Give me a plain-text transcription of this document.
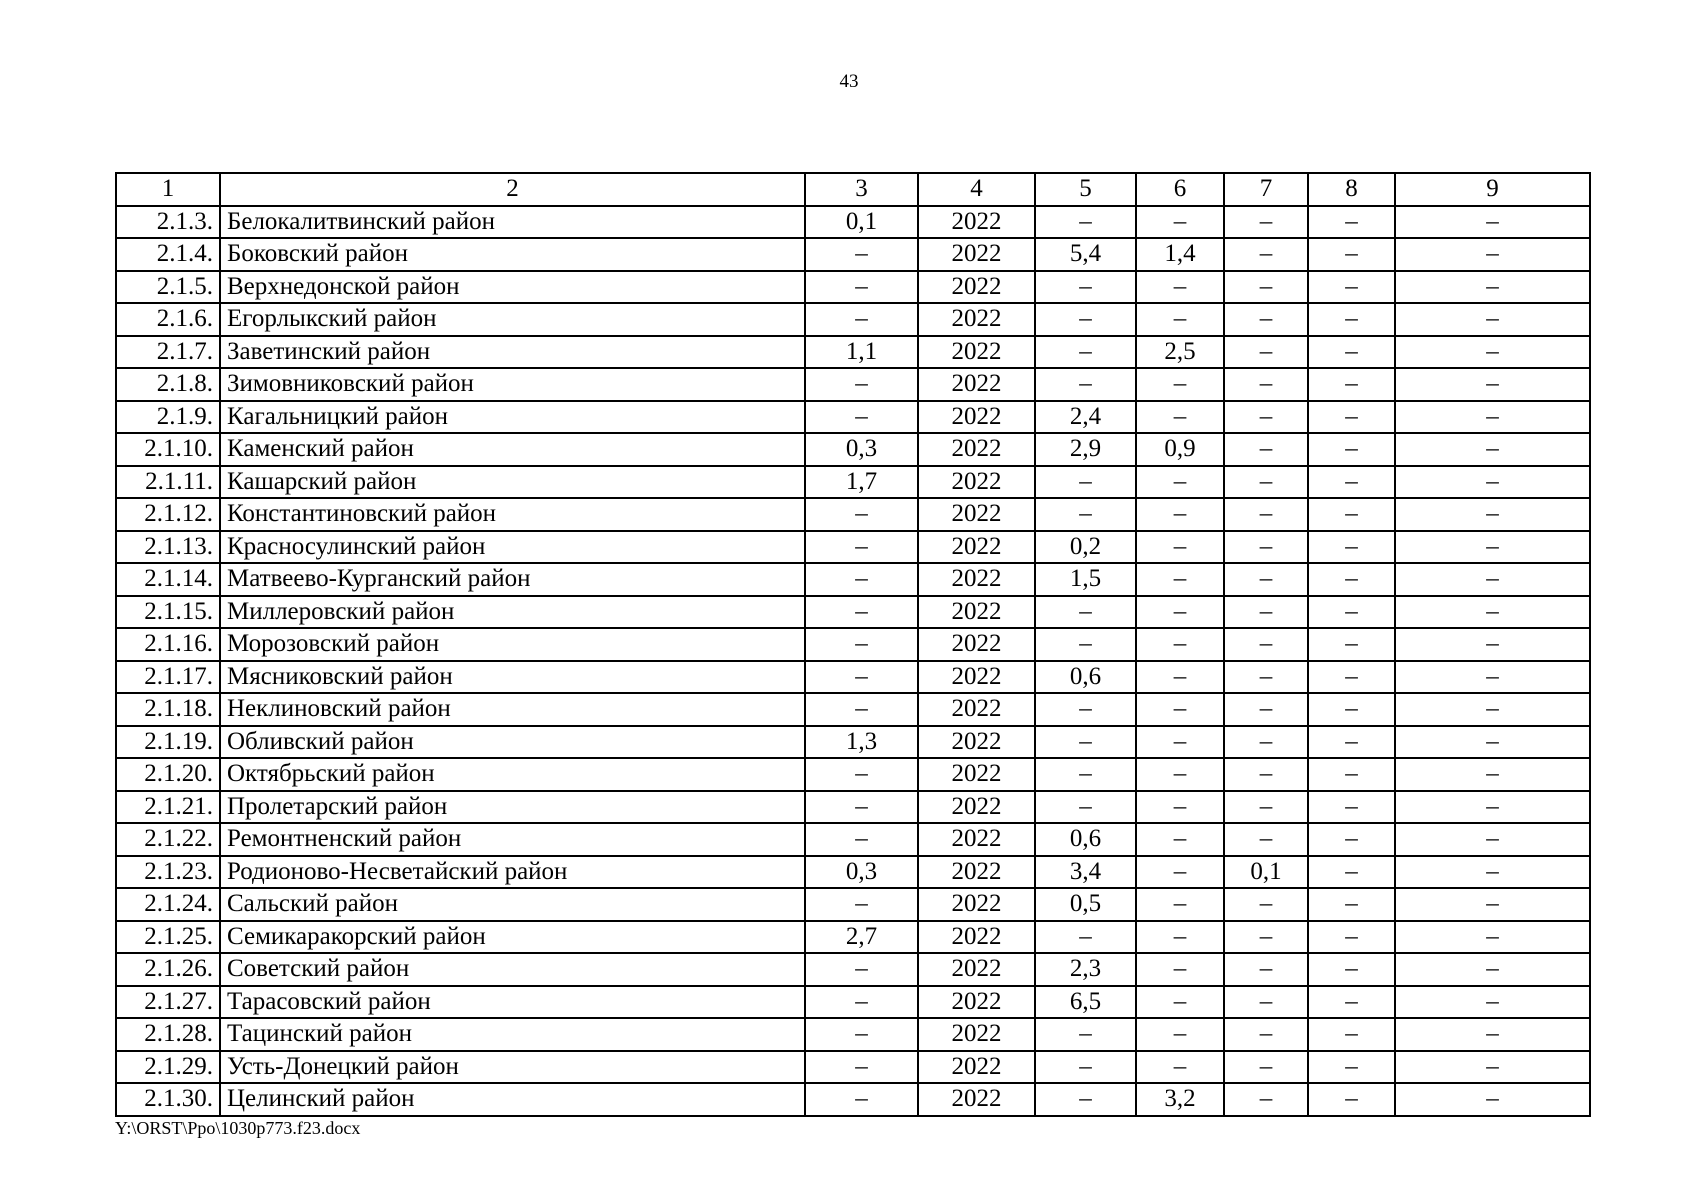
43
1	2	3	4	5	6	7	8	9
2.1.3.	Белокалитвинский район	0,1	2022	–	–	–	–	–
2.1.4.	Боковский район	–	2022	5,4	1,4	–	–	–
2.1.5.	Верхнедонской район	–	2022	–	–	–	–	–
2.1.6.	Егорлыкский район	–	2022	–	–	–	–	–
2.1.7.	Заветинский район	1,1	2022	–	2,5	–	–	–
2.1.8.	Зимовниковский район	–	2022	–	–	–	–	–
2.1.9.	Кагальницкий район	–	2022	2,4	–	–	–	–
2.1.10.	Каменский район	0,3	2022	2,9	0,9	–	–	–
2.1.11.	Кашарский район	1,7	2022	–	–	–	–	–
2.1.12.	Константиновский район	–	2022	–	–	–	–	–
2.1.13.	Красносулинский район	–	2022	0,2	–	–	–	–
2.1.14.	Матвеево-Курганский район	–	2022	1,5	–	–	–	–
2.1.15.	Миллеровский район	–	2022	–	–	–	–	–
2.1.16.	Морозовский район	–	2022	–	–	–	–	–
2.1.17.	Мясниковский район	–	2022	0,6	–	–	–	–
2.1.18.	Неклиновский район	–	2022	–	–	–	–	–
2.1.19.	Обливский район	1,3	2022	–	–	–	–	–
2.1.20.	Октябрьский район	–	2022	–	–	–	–	–
2.1.21.	Пролетарский район	–	2022	–	–	–	–	–
2.1.22.	Ремонтненский район	–	2022	0,6	–	–	–	–
2.1.23.	Родионово-Несветайский район	0,3	2022	3,4	–	0,1	–	–
2.1.24.	Сальский район	–	2022	0,5	–	–	–	–
2.1.25.	Семикаракорский район	2,7	2022	–	–	–	–	–
2.1.26.	Советский район	–	2022	2,3	–	–	–	–
2.1.27.	Тарасовский район	–	2022	6,5	–	–	–	–
2.1.28.	Тацинский район	–	2022	–	–	–	–	–
2.1.29.	Усть-Донецкий район	–	2022	–	–	–	–	–
2.1.30.	Целинский район	–	2022	–	3,2	–	–	–
Y:\ORST\Ppo\1030p773.f23.docx
